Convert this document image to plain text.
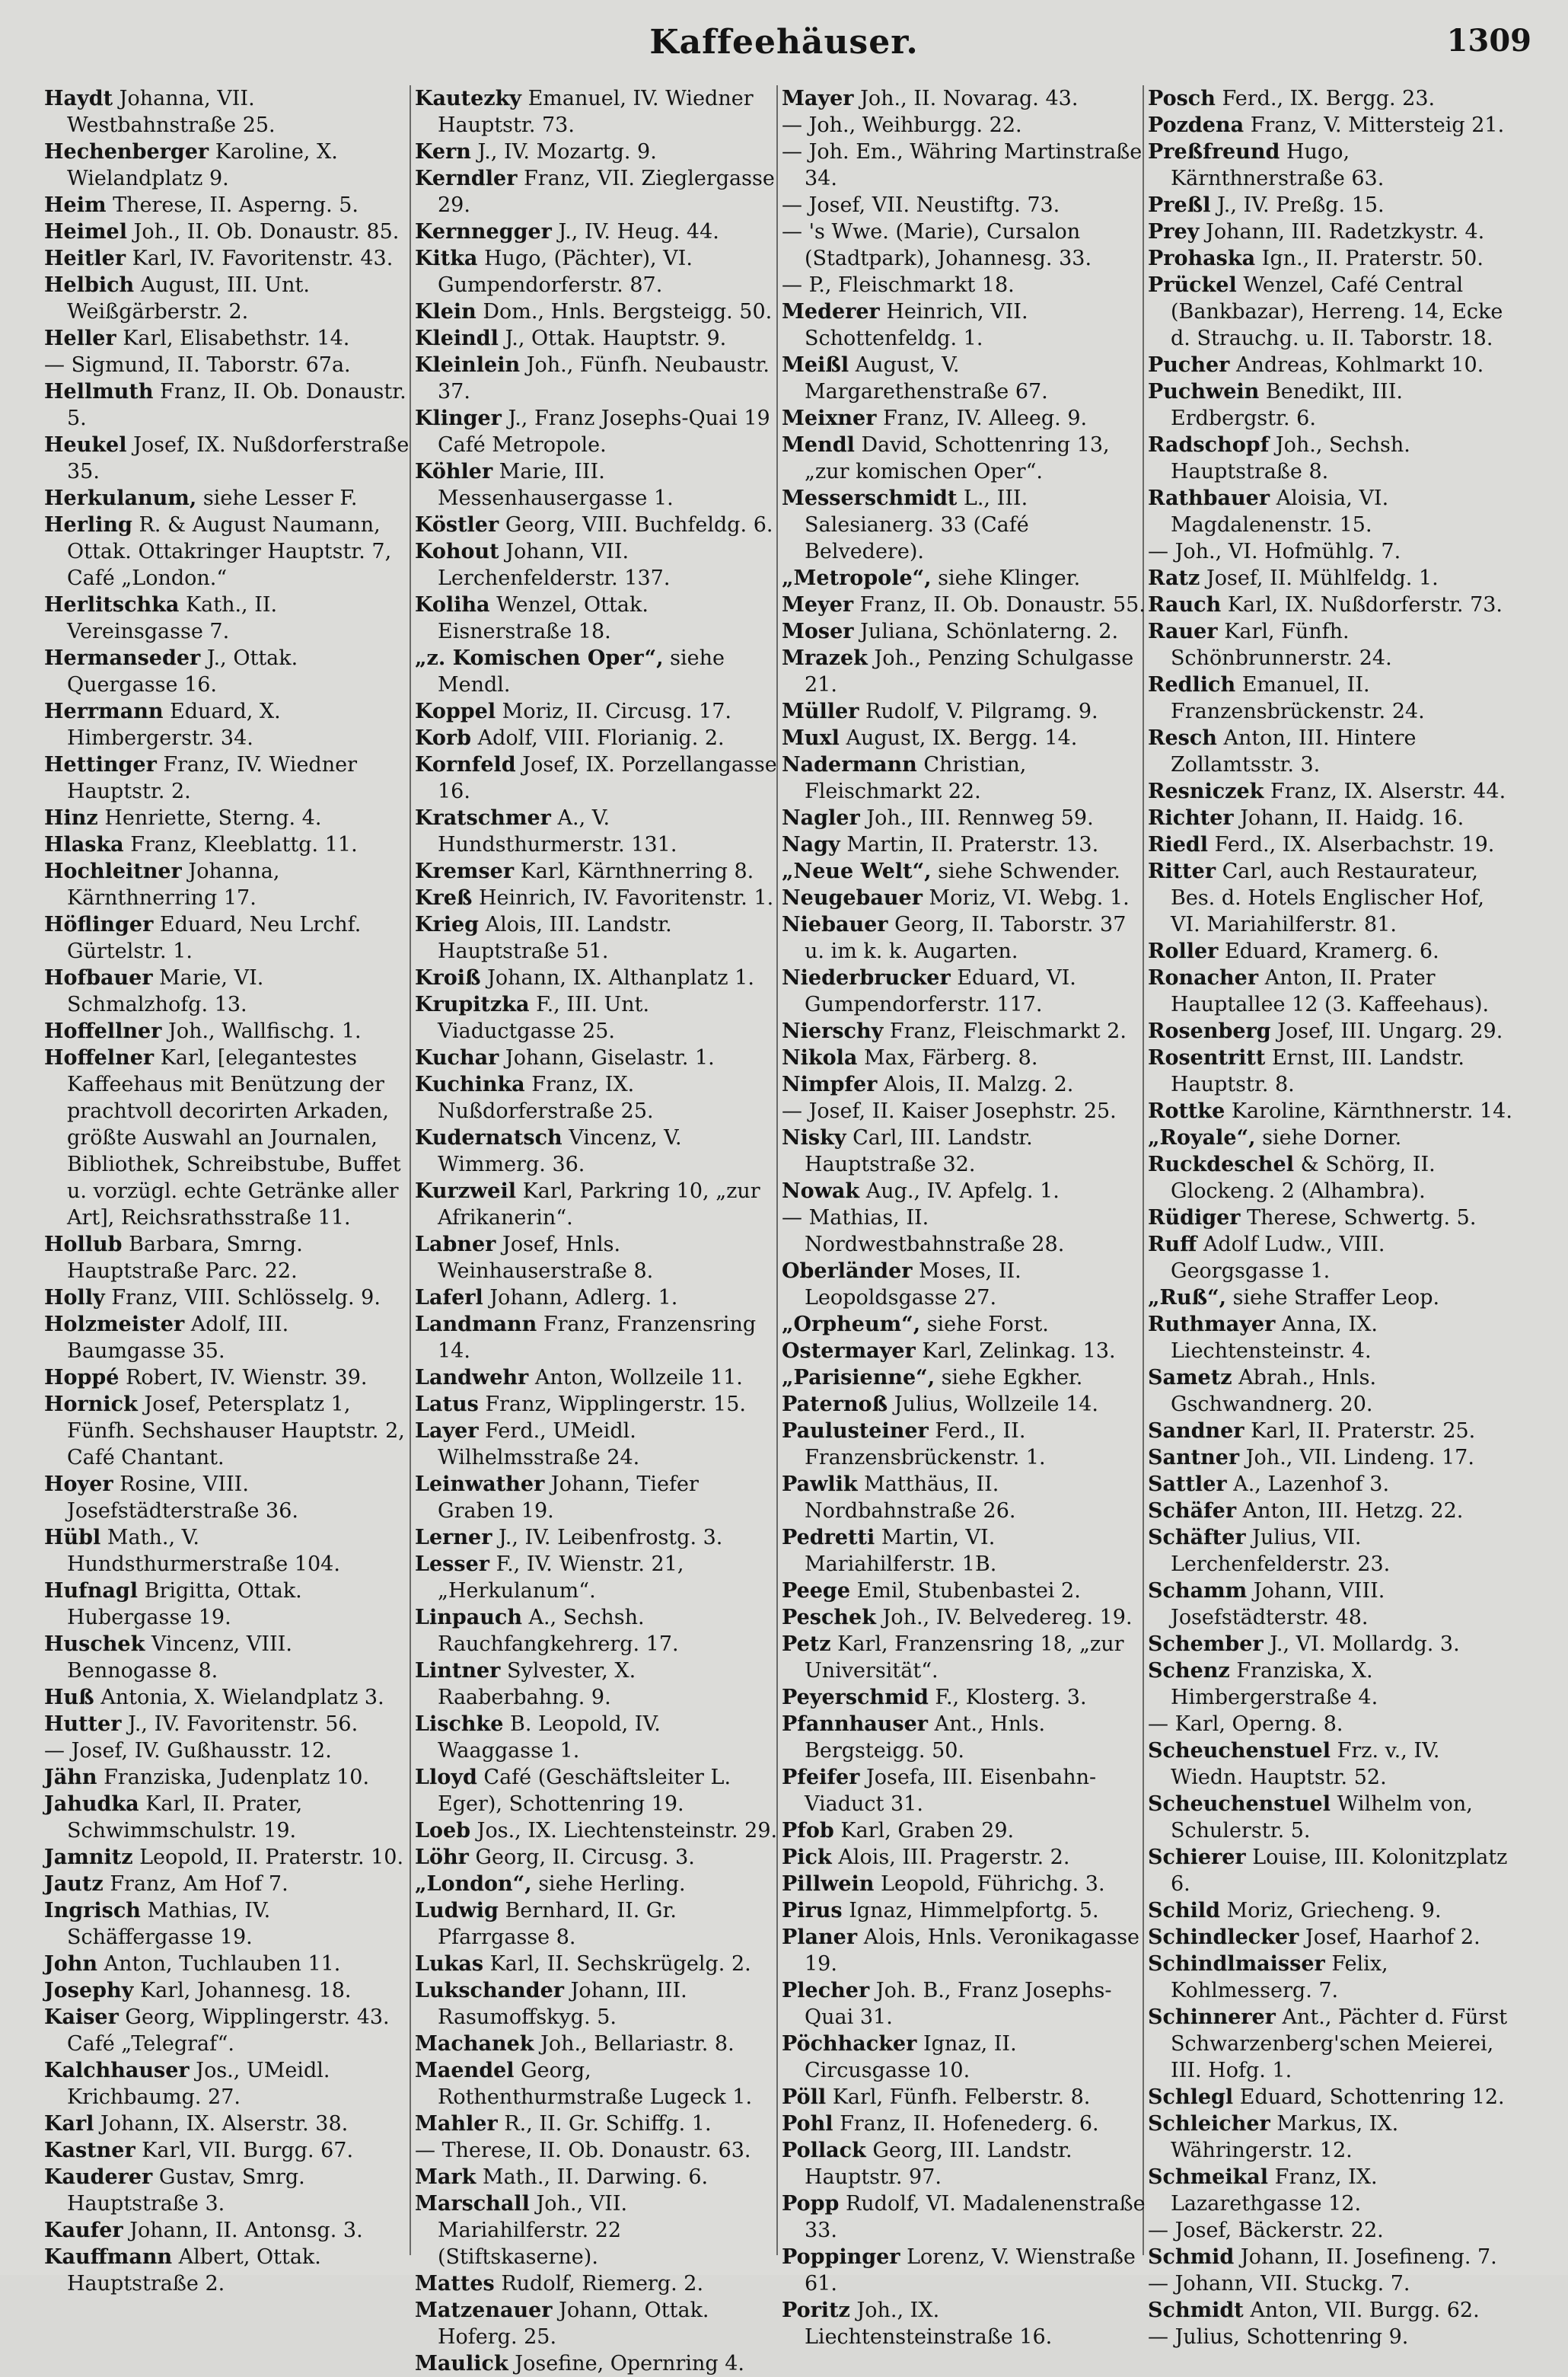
Kaffeehäuser.	1309

Haydt Johanna, VII. Westbahnstraße 25.

Hechenberger Karoline, X. Wielandplatz 9.

Heim Therese, II. Asperng. 5.

Heimel Joh., II. Ob. Donaustr. 85.

Heitler Karl, IV. Favoritenstr. 43.

Helbich August, III. Unt. Weißgärberstr. 2.

Heller Karl, Elisabethstr. 14.

— Sigmund, II. Taborstr. 67a.

Hellmuth Franz, II. Ob. Donaustr. 5.

Heukel Josef, IX. Nußdorferstraße 35.

Herkulanum, siehe Lesser F.

Herling R. & August Naumann, Ottak. Ottakringer Hauptstr. 7, Café „London.“

Herlitschka Kath., II. Vereinsgasse 7.

Hermanseder J., Ottak. Quergasse 16.

Herrmann Eduard, X. Himbergerstr. 34.

Hettinger Franz, IV. Wiedner Hauptstr. 2.

Hinz Henriette, Sterng. 4.

Hlaska Franz, Kleeblattg. 11.

Hochleitner Johanna, Kärnthnerring 17.

Höflinger Eduard, Neu Lrchf. Gürtelstr. 1.

Hofbauer Marie, VI. Schmalzhofg. 13.

Hoffellner Joh., Wallfischg. 1.

Hoffelner Karl, [elegantestes Kaffeehaus mit Benützung der prachtvoll decorirten Arkaden, größte Auswahl an Journalen, Bibliothek, Schreibstube, Buffet u. vorzügl. echte Getränke aller Art], Reichsrathsstraße 11.

Hollub Barbara, Smrng. Hauptstraße Parc. 22.

Holly Franz, VIII. Schlösselg. 9.

Holzmeister Adolf, III. Baumgasse 35.

Hoppé Robert, IV. Wienstr. 39.

Hornick Josef, Petersplatz 1, Fünfh. Sechshauser Hauptstr. 2, Café Chantant.

Hoyer Rosine, VIII. Josefstädterstraße 36.

Hübl Math., V. Hundsthurmerstraße 104.

Hufnagl Brigitta, Ottak. Hubergasse 19.

Huschek Vincenz, VIII. Bennogasse 8.

Huß Antonia, X. Wielandplatz 3.

Hutter J., IV. Favoritenstr. 56.

— Josef, IV. Gußhausstr. 12.

Jähn Franziska, Judenplatz 10.

Jahudka Karl, II. Prater, Schwimmschulstr. 19.

Jamnitz Leopold, II. Praterstr. 10.

Jautz Franz, Am Hof 7.

Ingrisch Mathias, IV. Schäffergasse 19.

John Anton, Tuchlauben 11.

Josephy Karl, Johannesg. 18.

Kaiser Georg, Wipplingerstr. 43. Café „Telegraf“.

Kalchhauser Jos., UMeidl. Krichbaumg. 27.

Karl Johann, IX. Alserstr. 38.

Kastner Karl, VII. Burgg. 67.

Kauderer Gustav, Smrg. Hauptstraße 3.

Kaufer Johann, II. Antonsg. 3.

Kauffmann Albert, Ottak. Hauptstraße 2.

Kautezky Emanuel, IV. Wiedner Hauptstr. 73.

Kern J., IV. Mozartg. 9.

Kerndler Franz, VII. Zieglergasse 29.

Kernnegger J., IV. Heug. 44.

Kitka Hugo, (Pächter), VI. Gumpendorferstr. 87.

Klein Dom., Hnls. Bergsteigg. 50.

Kleindl J., Ottak. Hauptstr. 9.

Kleinlein Joh., Fünfh. Neubaustr. 37.

Klinger J., Franz Josephs-Quai 19 Café Metropole.

Köhler Marie, III. Messenhausergasse 1.

Köstler Georg, VIII. Buchfeldg. 6.

Kohout Johann, VII. Lerchenfelderstr. 137.

Koliha Wenzel, Ottak. Eisnerstraße 18.

„z. Komischen Oper“, siehe Mendl.

Koppel Moriz, II. Circusg. 17.

Korb Adolf, VIII. Florianig. 2.

Kornfeld Josef, IX. Porzellangasse 16.

Kratschmer A., V. Hundsthurmerstr. 131.

Kremser Karl, Kärnthnerring 8.

Kreß Heinrich, IV. Favoritenstr. 1.

Krieg Alois, III. Landstr. Hauptstraße 51.

Kroiß Johann, IX. Althanplatz 1.

Krupitzka F., III. Unt. Viaductgasse 25.

Kuchar Johann, Giselastr. 1.

Kuchinka Franz, IX. Nußdorferstraße 25.

Kudernatsch Vincenz, V. Wimmerg. 36.

Kurzweil Karl, Parkring 10, „zur Afrikanerin“.

Labner Josef, Hnls. Weinhauserstraße 8.

Laferl Johann, Adlerg. 1.

Landmann Franz, Franzensring 14.

Landwehr Anton, Wollzeile 11.

Latus Franz, Wipplingerstr. 15.

Layer Ferd., UMeidl. Wilhelmsstraße 24.

Leinwather Johann, Tiefer Graben 19.

Lerner J., IV. Leibenfrostg. 3.

Lesser F., IV. Wienstr. 21, „Herkulanum“.

Linpauch A., Sechsh. Rauchfangkehrerg. 17.

Lintner Sylvester, X. Raaberbahng. 9.

Lischke B. Leopold, IV. Waaggasse 1.

Lloyd Café (Geschäftsleiter L. Eger), Schottenring 19.

Loeb Jos., IX. Liechtensteinstr. 29.

Löhr Georg, II. Circusg. 3.

„London“, siehe Herling.

Ludwig Bernhard, II. Gr. Pfarrgasse 8.

Lukas Karl, II. Sechskrügelg. 2.

Lukschander Johann, III. Rasumoffskyg. 5.

Machanek Joh., Bellariastr. 8.

Maendel Georg, Rothenthurmstraße Lugeck 1.

Mahler R., II. Gr. Schiffg. 1.

— Therese, II. Ob. Donaustr. 63.

Mark Math., II. Darwing. 6.

Marschall Joh., VII. Mariahilferstr. 22 (Stiftskaserne).

Mattes Rudolf, Riemerg. 2.

Matzenauer Johann, Ottak. Hoferg. 25.

Maulick Josefine, Opernring 4.

Mayer Joh., II. Novarag. 43.

— Joh., Weihburgg. 22.

— Joh. Em., Währing Martinstraße 34.

— Josef, VII. Neustiftg. 73.

— 's Wwe. (Marie), Cursalon (Stadtpark), Johannesg. 33.

— P., Fleischmarkt 18.

Mederer Heinrich, VII. Schottenfeldg. 1.

Meißl August, V. Margarethenstraße 67.

Meixner Franz, IV. Alleeg. 9.

Mendl David, Schottenring 13, „zur komischen Oper“.

Messerschmidt L., III. Salesianerg. 33 (Café Belvedere).

„Metropole“, siehe Klinger.

Meyer Franz, II. Ob. Donaustr. 55.

Moser Juliana, Schönlaterng. 2.

Mrazek Joh., Penzing Schulgasse 21.

Müller Rudolf, V. Pilgramg. 9.

Muxl August, IX. Bergg. 14.

Nadermann Christian, Fleischmarkt 22.

Nagler Joh., III. Rennweg 59.

Nagy Martin, II. Praterstr. 13.

„Neue Welt“, siehe Schwender.

Neugebauer Moriz, VI. Webg. 1.

Niebauer Georg, II. Taborstr. 37 u. im k. k. Augarten.

Niederbrucker Eduard, VI. Gumpendorferstr. 117.

Nierschy Franz, Fleischmarkt 2.

Nikola Max, Färberg. 8.

Nimpfer Alois, II. Malzg. 2.

— Josef, II. Kaiser Josephstr. 25.

Nisky Carl, III. Landstr. Hauptstraße 32.

Nowak Aug., IV. Apfelg. 1.

— Mathias, II. Nordwestbahnstraße 28.

Oberländer Moses, II. Leopoldsgasse 27.

„Orpheum“, siehe Forst.

Ostermayer Karl, Zelinkag. 13.

„Parisienne“, siehe Egkher.

Paternoß Julius, Wollzeile 14.

Paulusteiner Ferd., II. Franzensbrückenstr. 1.

Pawlik Matthäus, II. Nordbahnstraße 26.

Pedretti Martin, VI. Mariahilferstr. 1B.

Peege Emil, Stubenbastei 2.

Peschek Joh., IV. Belvedereg. 19.

Petz Karl, Franzensring 18, „zur Universität“.

Peyerschmid F., Klosterg. 3.

Pfannhauser Ant., Hnls. Bergsteigg. 50.

Pfeifer Josefa, III. Eisenbahn-Viaduct 31.

Pfob Karl, Graben 29.

Pick Alois, III. Pragerstr. 2.

Pillwein Leopold, Führichg. 3.

Pirus Ignaz, Himmelpfortg. 5.

Planer Alois, Hnls. Veronikagasse 19.

Plecher Joh. B., Franz Josephs-Quai 31.

Pöchhacker Ignaz, II. Circusgasse 10.

Pöll Karl, Fünfh. Felberstr. 8.

Pohl Franz, II. Hofenederg. 6.

Pollack Georg, III. Landstr. Hauptstr. 97.

Popp Rudolf, VI. Madalenenstraße 33.

Poppinger Lorenz, V. Wienstraße 61.

Poritz Joh., IX. Liechtensteinstraße 16.

Posch Ferd., IX. Bergg. 23.

Pozdena Franz, V. Mittersteig 21.

Preßfreund Hugo, Kärnthnerstraße 63.

Preßl J., IV. Preßg. 15.

Prey Johann, III. Radetzkystr. 4.

Prohaska Ign., II. Praterstr. 50.

Prückel Wenzel, Café Central (Bankbazar), Herreng. 14, Ecke d. Strauchg. u. II. Taborstr. 18.

Pucher Andreas, Kohlmarkt 10.

Puchwein Benedikt, III. Erdbergstr. 6.

Radschopf Joh., Sechsh. Hauptstraße 8.

Rathbauer Aloisia, VI. Magdalenenstr. 15.

— Joh., VI. Hofmühlg. 7.

Ratz Josef, II. Mühlfeldg. 1.

Rauch Karl, IX. Nußdorferstr. 73.

Rauer Karl, Fünfh. Schönbrunnerstr. 24.

Redlich Emanuel, II. Franzensbrückenstr. 24.

Resch Anton, III. Hintere Zollamtsstr. 3.

Resniczek Franz, IX. Alserstr. 44.

Richter Johann, II. Haidg. 16.

Riedl Ferd., IX. Alserbachstr. 19.

Ritter Carl, auch Restaurateur, Bes. d. Hotels Englischer Hof, VI. Mariahilferstr. 81.

Roller Eduard, Kramerg. 6.

Ronacher Anton, II. Prater Hauptallee 12 (3. Kaffeehaus).

Rosenberg Josef, III. Ungarg. 29.

Rosentritt Ernst, III. Landstr. Hauptstr. 8.

Rottke Karoline, Kärnthnerstr. 14.

„Royale“, siehe Dorner.

Ruckdeschel & Schörg, II. Glockeng. 2 (Alhambra).

Rüdiger Therese, Schwertg. 5.

Ruff Adolf Ludw., VIII. Georgsgasse 1.

„Ruß“, siehe Straffer Leop.

Ruthmayer Anna, IX. Liechtensteinstr. 4.

Sametz Abrah., Hnls. Gschwandnerg. 20.

Sandner Karl, II. Praterstr. 25.

Santner Joh., VII. Lindeng. 17.

Sattler A., Lazenhof 3.

Schäfer Anton, III. Hetzg. 22.

Schäfter Julius, VII. Lerchenfelderstr. 23.

Schamm Johann, VIII. Josefstädterstr. 48.

Schember J., VI. Mollardg. 3.

Schenz Franziska, X. Himbergerstraße 4.

— Karl, Operng. 8.

Scheuchenstuel Frz. v., IV. Wiedn. Hauptstr. 52.

Scheuchenstuel Wilhelm von, Schulerstr. 5.

Schierer Louise, III. Kolonitzplatz 6.

Schild Moriz, Griecheng. 9.

Schindlecker Josef, Haarhof 2.

Schindlmaisser Felix, Kohlmesserg. 7.

Schinnerer Ant., Pächter d. Fürst Schwarzenberg'schen Meierei, III. Hofg. 1.

Schlegl Eduard, Schottenring 12.

Schleicher Markus, IX. Währingerstr. 12.

Schmeikal Franz, IX. Lazarethgasse 12.

— Josef, Bäckerstr. 22.

Schmid Johann, II. Josefineng. 7.

— Johann, VII. Stuckg. 7.

Schmidt Anton, VII. Burgg. 62.

— Julius, Schottenring 9.
